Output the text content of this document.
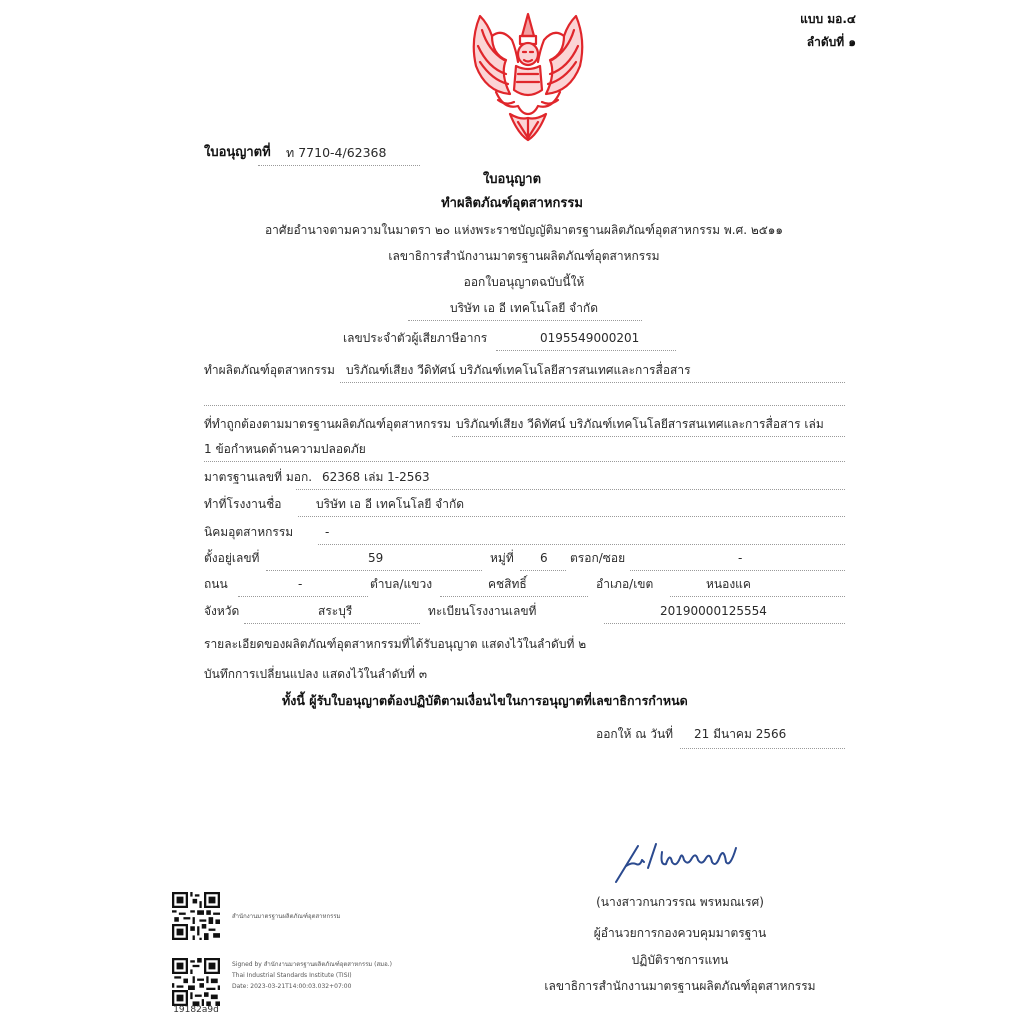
แบบ มอ.๔
ลำดับที่ ๑
ใบอนุญาตที่ ท 7710-4/62368
ใบอนุญาต
ทำผลิตภัณฑ์อุตสาหกรรม
อาศัยอำนาจตามความในมาตรา ๒๐ แห่งพระราชบัญญัติมาตรฐานผลิตภัณฑ์อุตสาหกรรม พ.ศ. ๒๕๑๑
เลขาธิการสำนักงานมาตรฐานผลิตภัณฑ์อุตสาหกรรม
ออกใบอนุญาตฉบับนี้ให้
บริษัท เอ อี เทคโนโลยี จำกัด
เลขประจำตัวผู้เสียภาษีอากร	0195549000201
ทำผลิตภัณฑ์อุตสาหกรรม บริภัณฑ์เสียง วีดิทัศน์ บริภัณฑ์เทคโนโลยีสารสนเทศและการสื่อสาร
ที่ทำถูกต้องตามมาตรฐานผลิตภัณฑ์อุตสาหกรรม บริภัณฑ์เสียง วีดิทัศน์ บริภัณฑ์เทคโนโลยีสารสนเทศและการสื่อสาร เล่ม
1 ข้อกำหนดด้านความปลอดภัย
มาตรฐานเลขที่ มอก. 62368 เล่ม 1-2563
ทำที่โรงงานชื่อ	บริษัท เอ อี เทคโนโลยี จำกัด
นิคมอุตสาหกรรม	-
ตั้งอยู่เลขที่	59	หมู่ที่ 6 ตรอก/ซอย	-
ถนน	-	ตำบล/แขวง	คชสิทธิ์	อำเภอ/เขต	หนองแค
จังหวัด	สระบุรี	ทะเบียนโรงงานเลขที่	20190000125554
รายละเอียดของผลิตภัณฑ์อุตสาหกรรมที่ได้รับอนุญาต แสดงไว้ในลำดับที่ ๒
บันทึกการเปลี่ยนแปลง แสดงไว้ในลำดับที่ ๓
ทั้งนี้ ผู้รับใบอนุญาตต้องปฏิบัติตามเงื่อนไขในการอนุญาตที่เลขาธิการกำหนด
ออกให้ ณ วันที่ 21 มีนาคม 2566
(นางสาวกนกวรรณ พรหมณเรศ)
ผู้อำนวยการกองควบคุมมาตรฐาน
ปฏิบัติราชการแทน
เลขาธิการสำนักงานมาตรฐานผลิตภัณฑ์อุตสาหกรรม
สำนักงานมาตรฐานผลิตภัณฑ์อุตสาหกรรม
19182a9d
Signed by สำนักงานมาตรฐานผลิตภัณฑ์อุตสาหกรรม (สมอ.)
Thai Industrial Standards Institute (TISI)
Date: 2023-03-21T14:00:03.032+07:00
